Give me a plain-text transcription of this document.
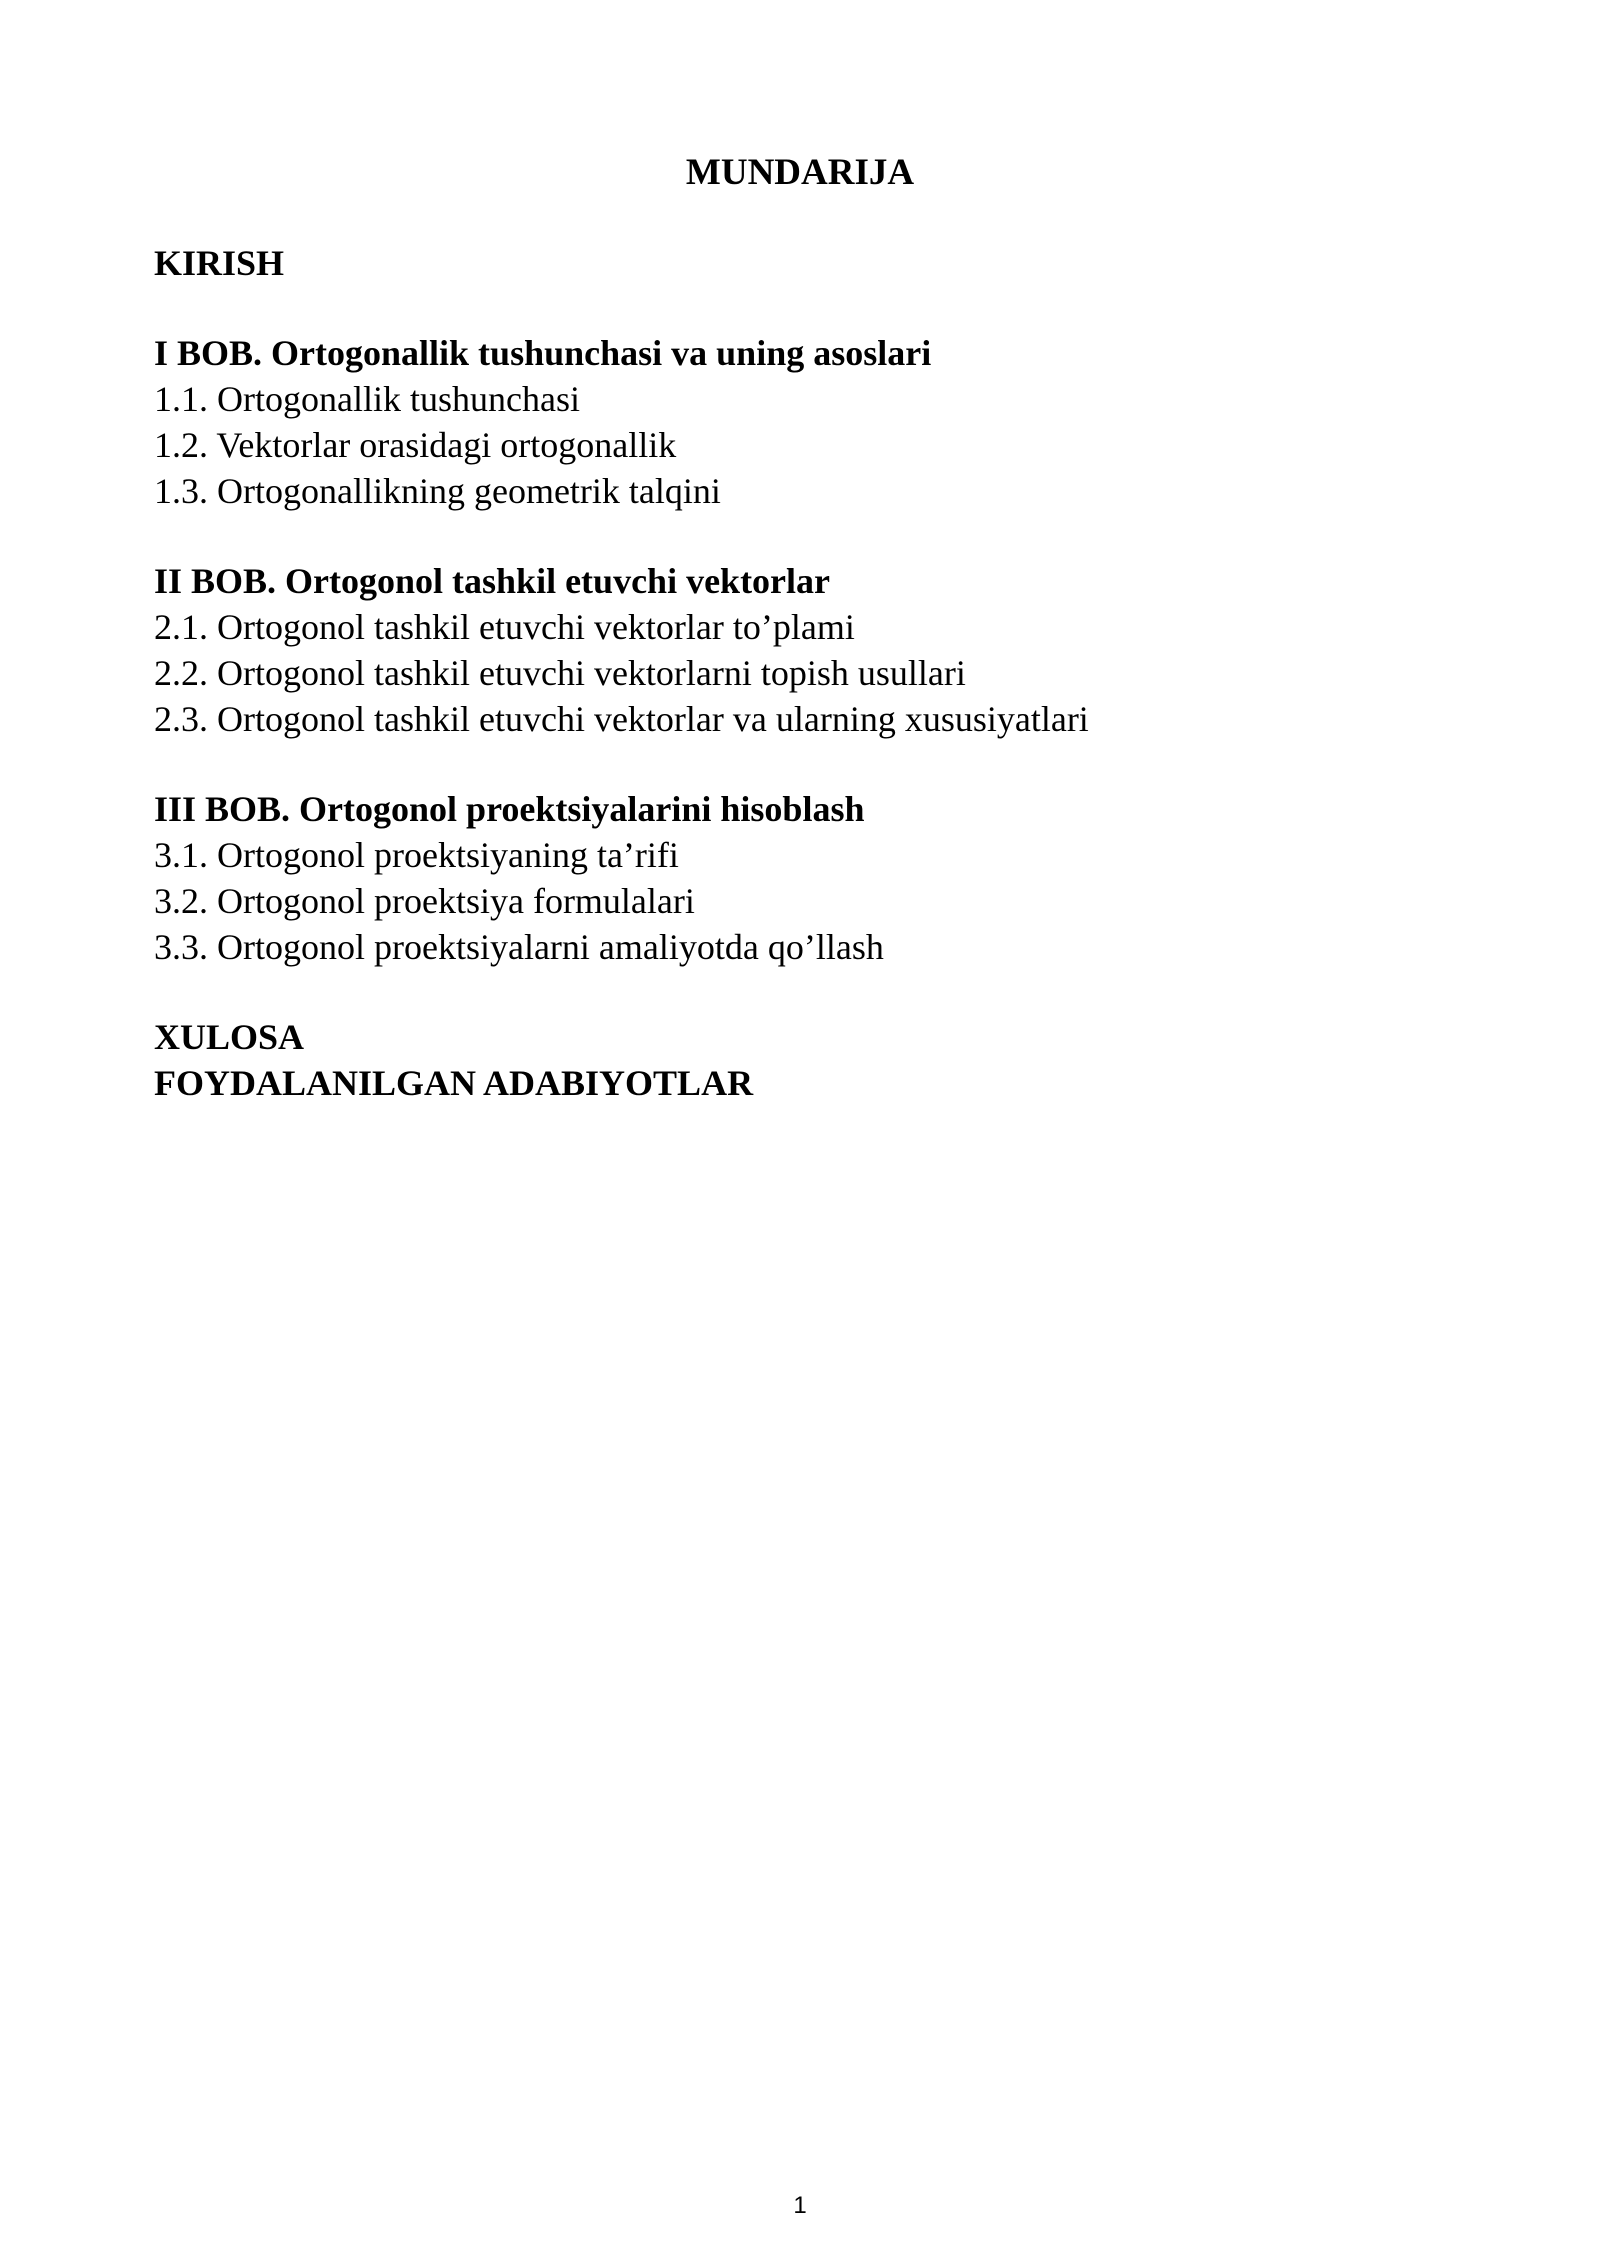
MUNDARIJA

KIRISH

I BOB. Ortogonallik tushunchasi va uning asoslari

1.1. Ortogonallik tushunchasi

1.2. Vektorlar orasidagi ortogonallik

1.3. Ortogonallikning geometrik talqini

II BOB. Ortogonol tashkil etuvchi vektorlar

2.1. Ortogonol tashkil etuvchi vektorlar to’plami

2.2. Ortogonol tashkil etuvchi vektorlarni topish usullari

2.3. Ortogonol tashkil etuvchi vektorlar va ularning xususiyatlari

III BOB. Ortogonol proektsiyalarini hisoblash

3.1. Ortogonol proektsiyaning ta’rifi

3.2. Ortogonol proektsiya formulalari

3.3. Ortogonol proektsiyalarni amaliyotda qo’llash

XULOSA

FOYDALANILGAN ADABIYOTLAR

1
